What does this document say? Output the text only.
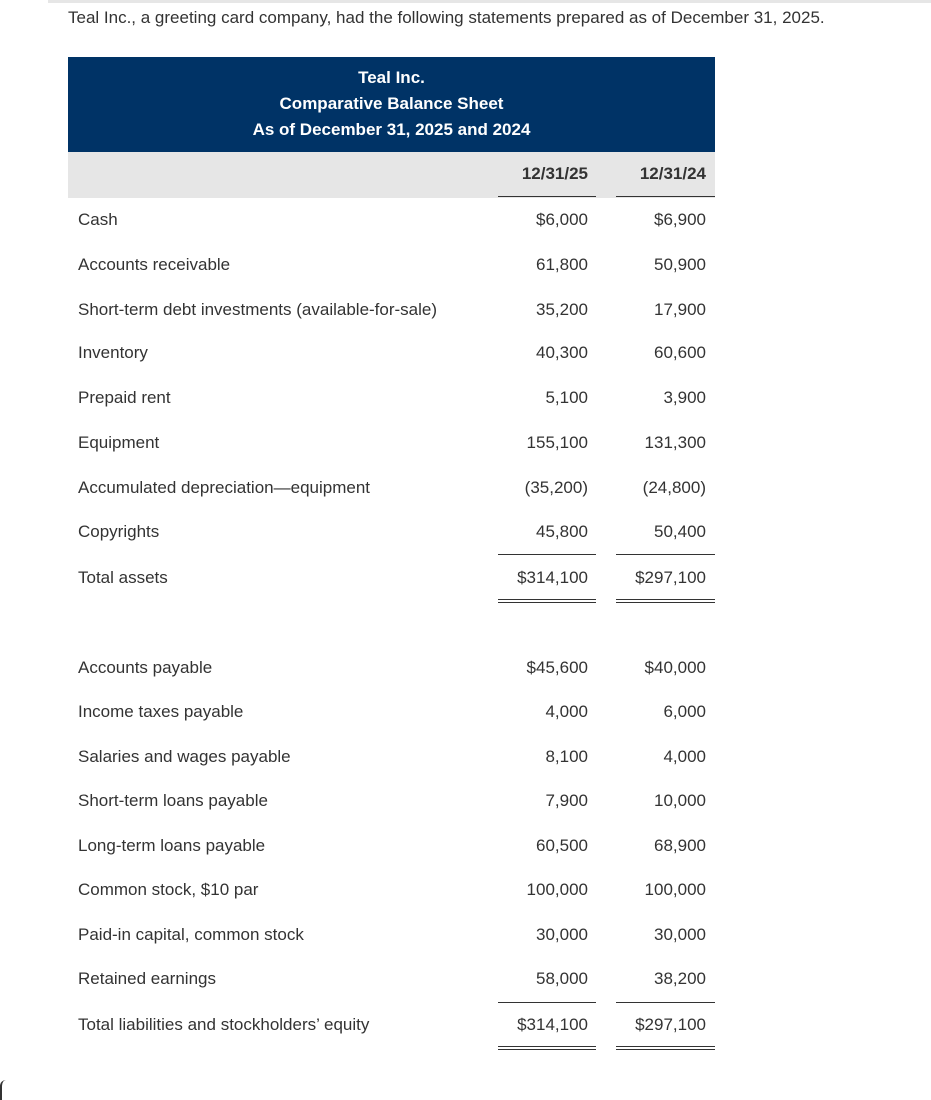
Teal Inc., a greeting card company, had the following statements prepared as of December 31, 2025.
Teal Inc.
Comparative Balance Sheet
As of December 31, 2025 and 2024
12/31/25	12/31/24
Cash	$6,000	$6,900
Accounts receivable	61,800	50,900
Short-term debt investments (available-for-sale)	35,200	17,900
Inventory	40,300	60,600
Prepaid rent	5,100	3,900
Equipment	155,100	131,300
Accumulated depreciation—equipment	(35,200)	(24,800)
Copyrights	45,800	50,400
Total assets	$314,100	$297,100
Accounts payable	$45,600	$40,000
Income taxes payable	4,000	6,000
Salaries and wages payable	8,100	4,000
Short-term loans payable	7,900	10,000
Long-term loans payable	60,500	68,900
Common stock, $10 par	100,000	100,000
Paid-in capital, common stock	30,000	30,000
Retained earnings	58,000	38,200
Total liabilities and stockholders’ equity	$314,100	$297,100
